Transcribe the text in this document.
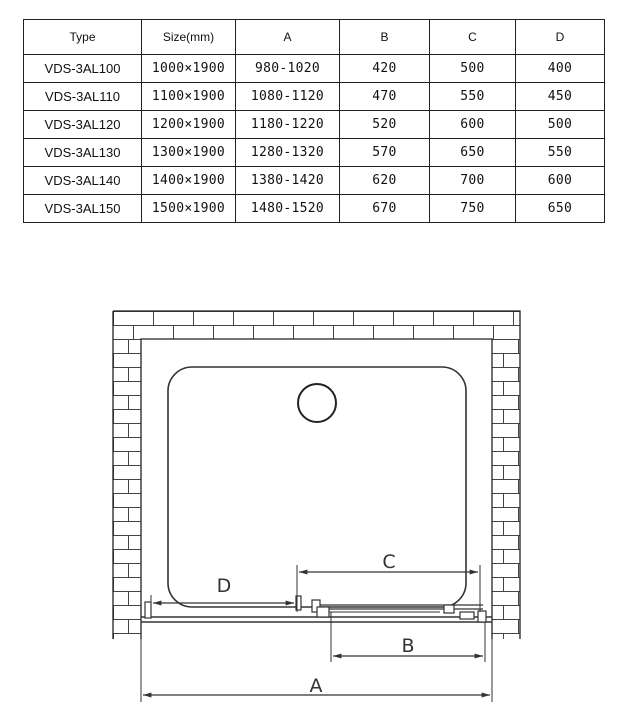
Type	Size(mm)	A	B	C	D
VDS-3AL100	1000×1900	980-1020	420	500	400
VDS-3AL110	1100×1900	1080-1120	470	550	450
VDS-3AL120	1200×1900	1180-1220	520	600	500
VDS-3AL130	1300×1900	1280-1320	570	650	550
VDS-3AL140	1400×1900	1380-1420	620	700	600
VDS-3AL150	1500×1900	1480-1520	670	750	650
C
D
B
A
